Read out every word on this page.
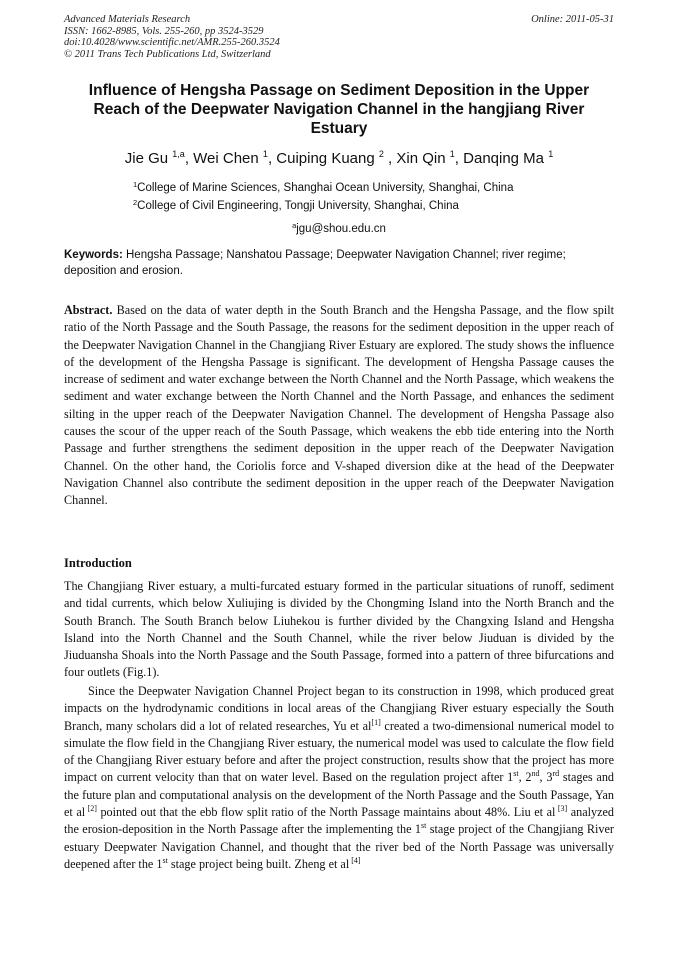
Advanced Materials Research
ISSN: 1662-8985, Vols. 255-260, pp 3524-3529
doi:10.4028/www.scientific.net/AMR.255-260.3524
© 2011 Trans Tech Publications Ltd, Switzerland
Online: 2011-05-31
Influence of Hengsha Passage on Sediment Deposition in the Upper Reach of the Deepwater Navigation Channel in the hangjiang River Estuary
Jie Gu $^{1,a}$, Wei Chen $^1$, Cuiping Kuang $^2$ , Xin Qin $^1$, Danqing Ma $^1$
$^1$College of Marine Sciences, Shanghai Ocean University, Shanghai, China
$^2$College of Civil Engineering, Tongji University, Shanghai, China
$^a$jgu@shou.edu.cn
Keywords: Hengsha Passage; Nanshatou Passage; Deepwater Navigation Channel; river regime; deposition and erosion.
Abstract. Based on the data of water depth in the South Branch and the Hengsha Passage, and the flow spilt ratio of the North Passage and the South Passage, the reasons for the sediment deposition in the upper reach of the Deepwater Navigation Channel in the Changjiang River Estuary are explored. The study shows the influence of the development of the Hengsha Passage is significant. The development of Hengsha Passage causes the increase of sediment and water exchange between the North Channel and the North Passage, which weakens the sediment and water exchange between the North Channel and the North Passage, and enhances the sediment silting in the upper reach of the Deepwater Navigation Channel. The development of Hengsha Passage also causes the scour of the upper reach of the South Passage, which weakens the ebb tide entering into the North Passage and further strengthens the sediment deposition in the upper reach of the Deepwater Navigation Channel. On the other hand, the Coriolis force and V-shaped diversion dike at the head of the Deepwater Navigation Channel also contribute the sediment deposition in the upper reach of the Deepwater Navigation Channel.
Introduction
The Changjiang River estuary, a multi-furcated estuary formed in the particular situations of runoff, sediment and tidal currents, which below Xuliujing is divided by the Chongming Island into the North Branch and the South Branch. The South Branch below Liuhekou is further divided by the Changxing Island and Hengsha Island into the North Channel and the South Channel, while the river below Jiuduan is divided by the Jiuduansha Shoals into the North Passage and the South Passage, formed into a pattern of three bifurcations and four outlets (Fig.1).
Since the Deepwater Navigation Channel Project began to its construction in 1998, which produced great impacts on the hydrodynamic conditions in local areas of the Changjiang River estuary especially the South Branch, many scholars did a lot of related researches, Yu et al[1] created a two-dimensional numerical model to simulate the flow field in the Changjiang River estuary, the numerical model was used to calculate the flow field of the Changjiang River estuary before and after the project construction, results show that the project has more impact on current velocity than that on water level. Based on the regulation project after 1st, 2nd, 3rd stages and the future plan and computational analysis on the development of the North Passage and the South Passage, Yan et al [2] pointed out that the ebb flow split ratio of the North Passage maintains about 48%. Liu et al [3] analyzed the erosion-deposition in the North Passage after the implementing the 1st stage project of the Changjiang River estuary Deepwater Navigation Channel, and thought that the river bed of the North Passage was universally deepened after the 1st stage project being built. Zheng et al [4]
